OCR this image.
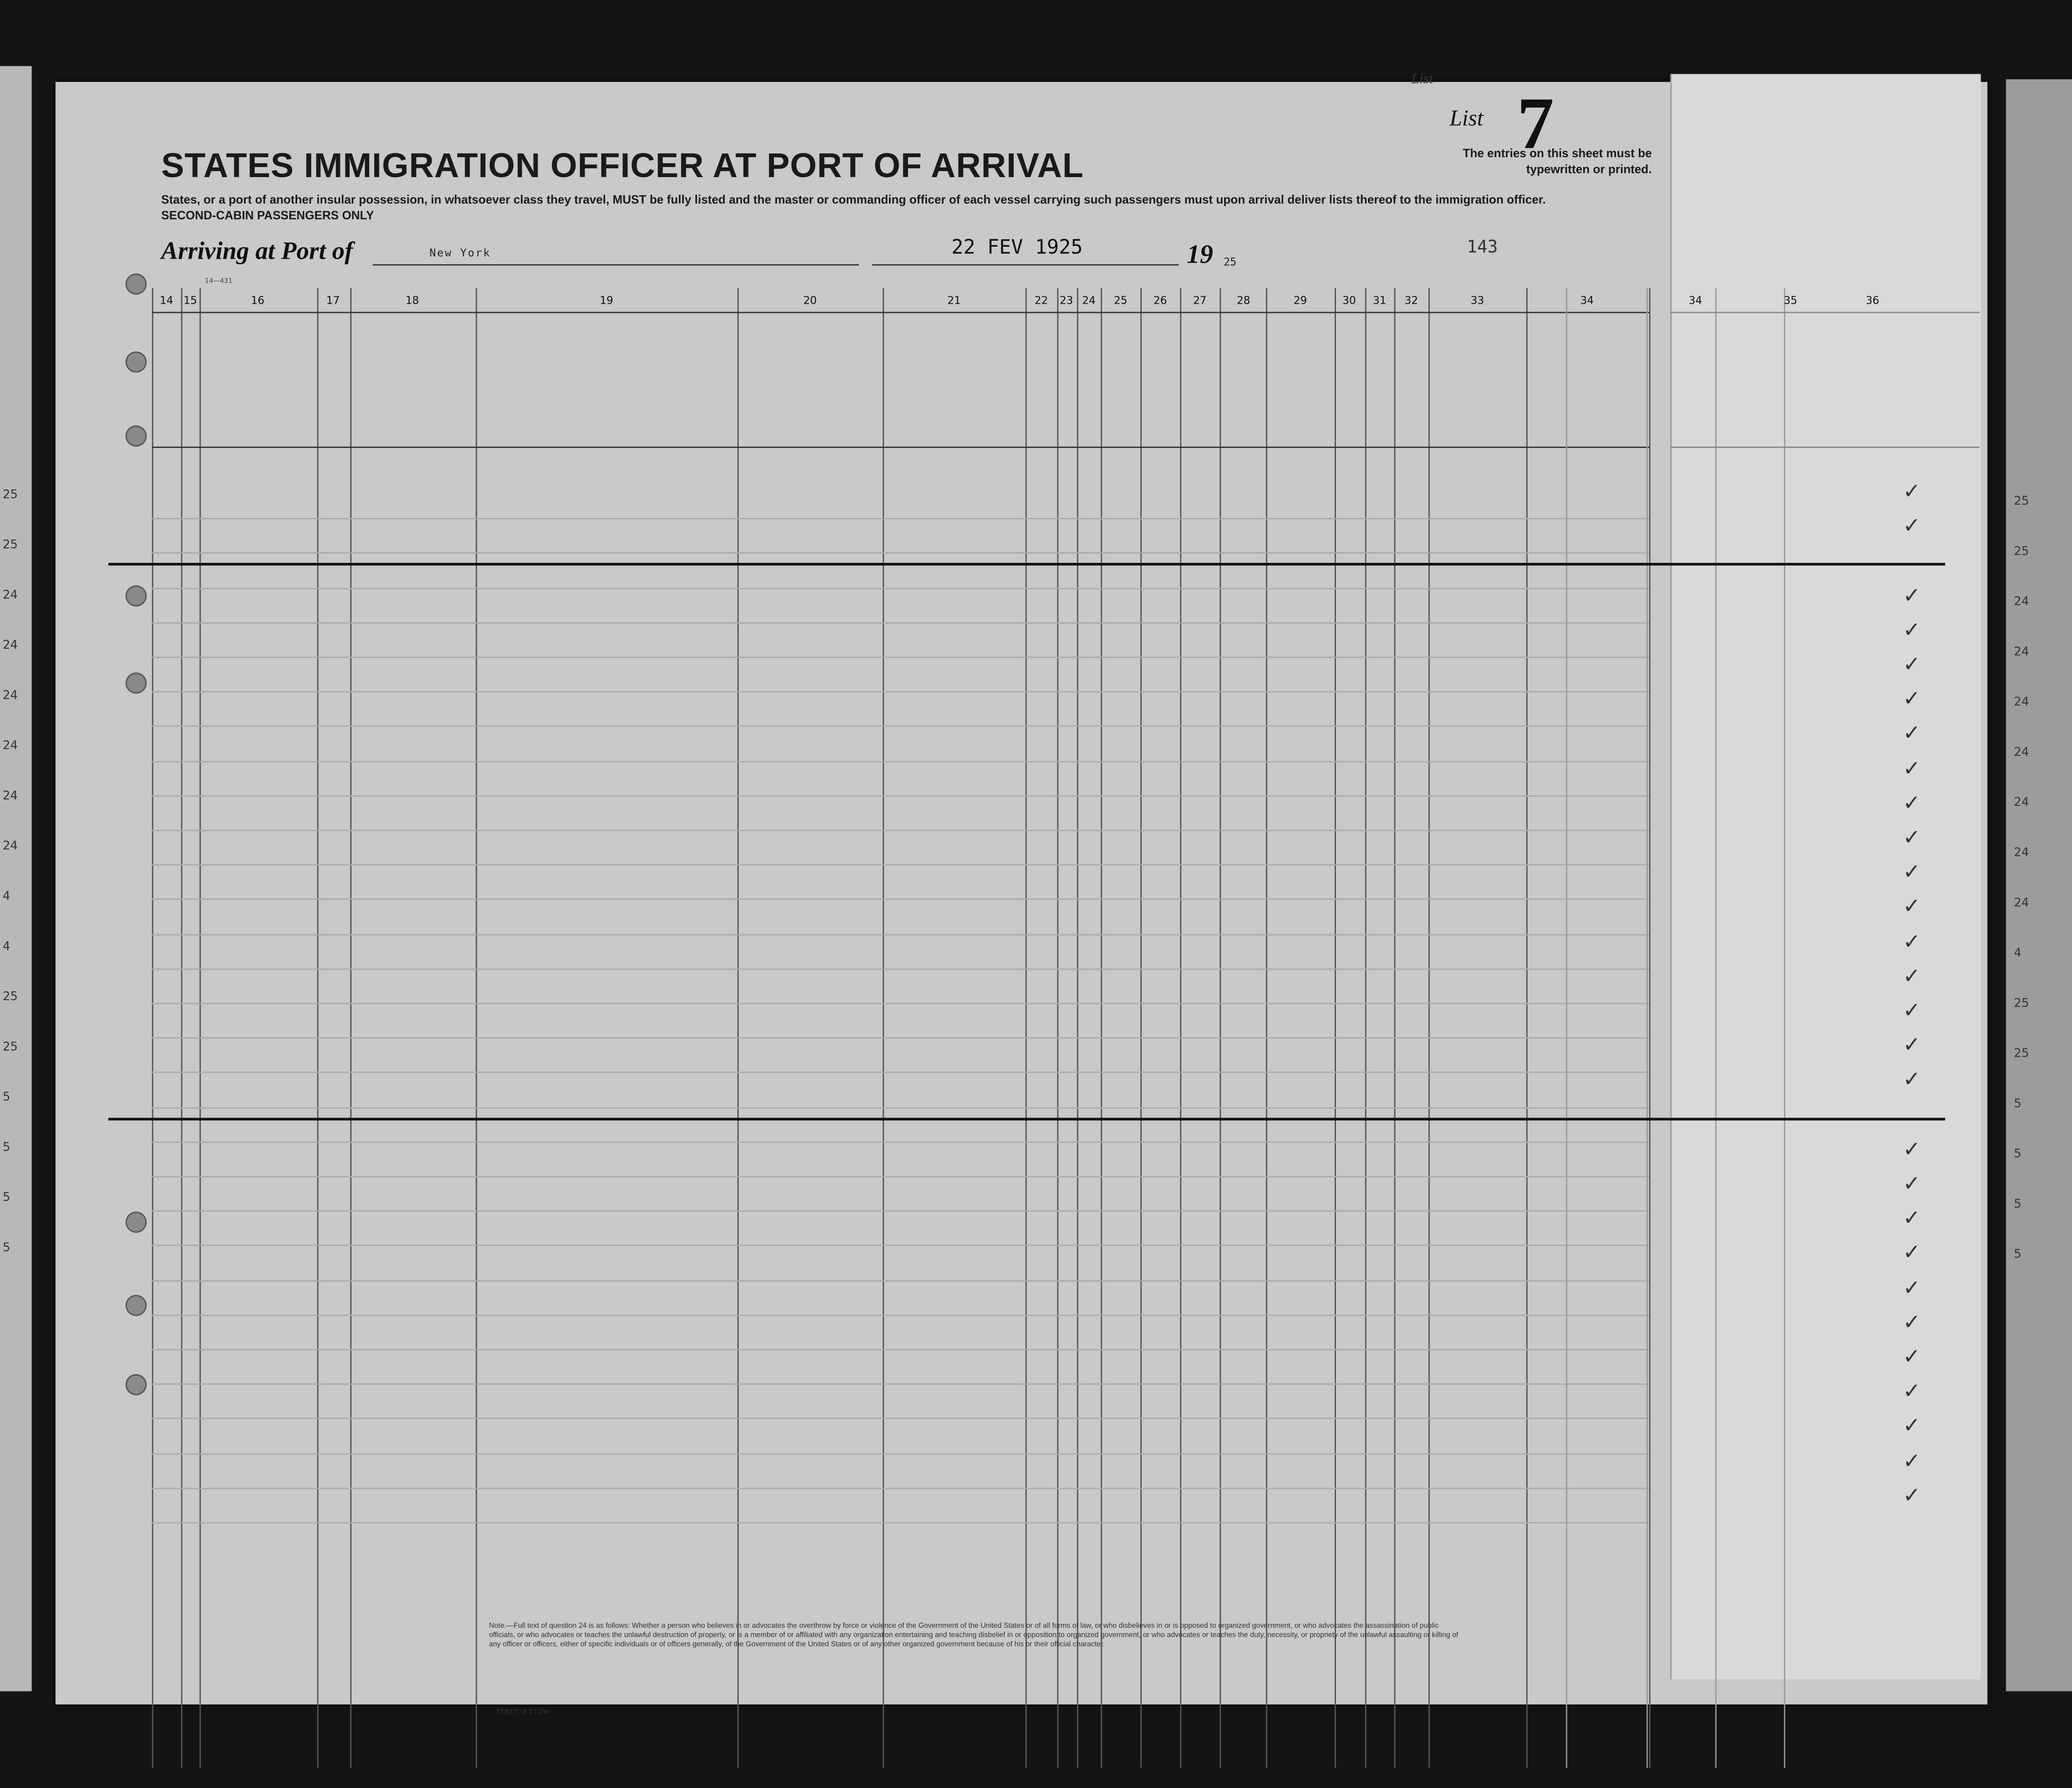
25
25
24
24
24
24
24
24
4
4
25
25
5
5
5
5
25
25
24
24
24
24
24
24
24
4
25
25
5
5
5
5
List
STATES IMMIGRATION OFFICER AT PORT OF ARRIVAL
List 7
The entries on this sheet must be typewritten or printed.
States, or a port of another insular possession, in whatsoever class they travel, MUST be fully listed and the master or commanding officer of each vessel carrying such passengers must upon arrival deliver lists thereof to the immigration officer.
SECOND-CABIN PASSENGERS ONLY
Arriving at Port of	New York	22 FEV 1925	19	25
143
14—431
14	15	16	17	18	19	20	21	22	23	24	25	26	27	28	29	30	31	32	33	34
Note.—Full text of question 24 is as follows: Whether a person who believes in or advocates the overthrow by force or violence of the Government of the United States or of all forms of law, or who disbelieves in or is opposed to organized government, or who advocates the assassination of public officials, or who advocates or teaches the unlawful destruction of property, or is a member of or affiliated with any organization entertaining and teaching disbelief in or opposition to organized government, or who advocates or teaches the duty, necessity, or propriety of the unlawful assaulting or killing of any officer or officers, either of specific individuals or of officers generally, of the Government of the United States or of any other organized government because of his or their official character.
3733 T.-3 11-24.
34	35	36
✓
✓
✓
✓
✓
✓
✓
✓
✓
✓
✓
✓
✓
✓
✓
✓
✓
✓
✓
✓
✓
✓
✓
✓
✓
✓
✓
✓
